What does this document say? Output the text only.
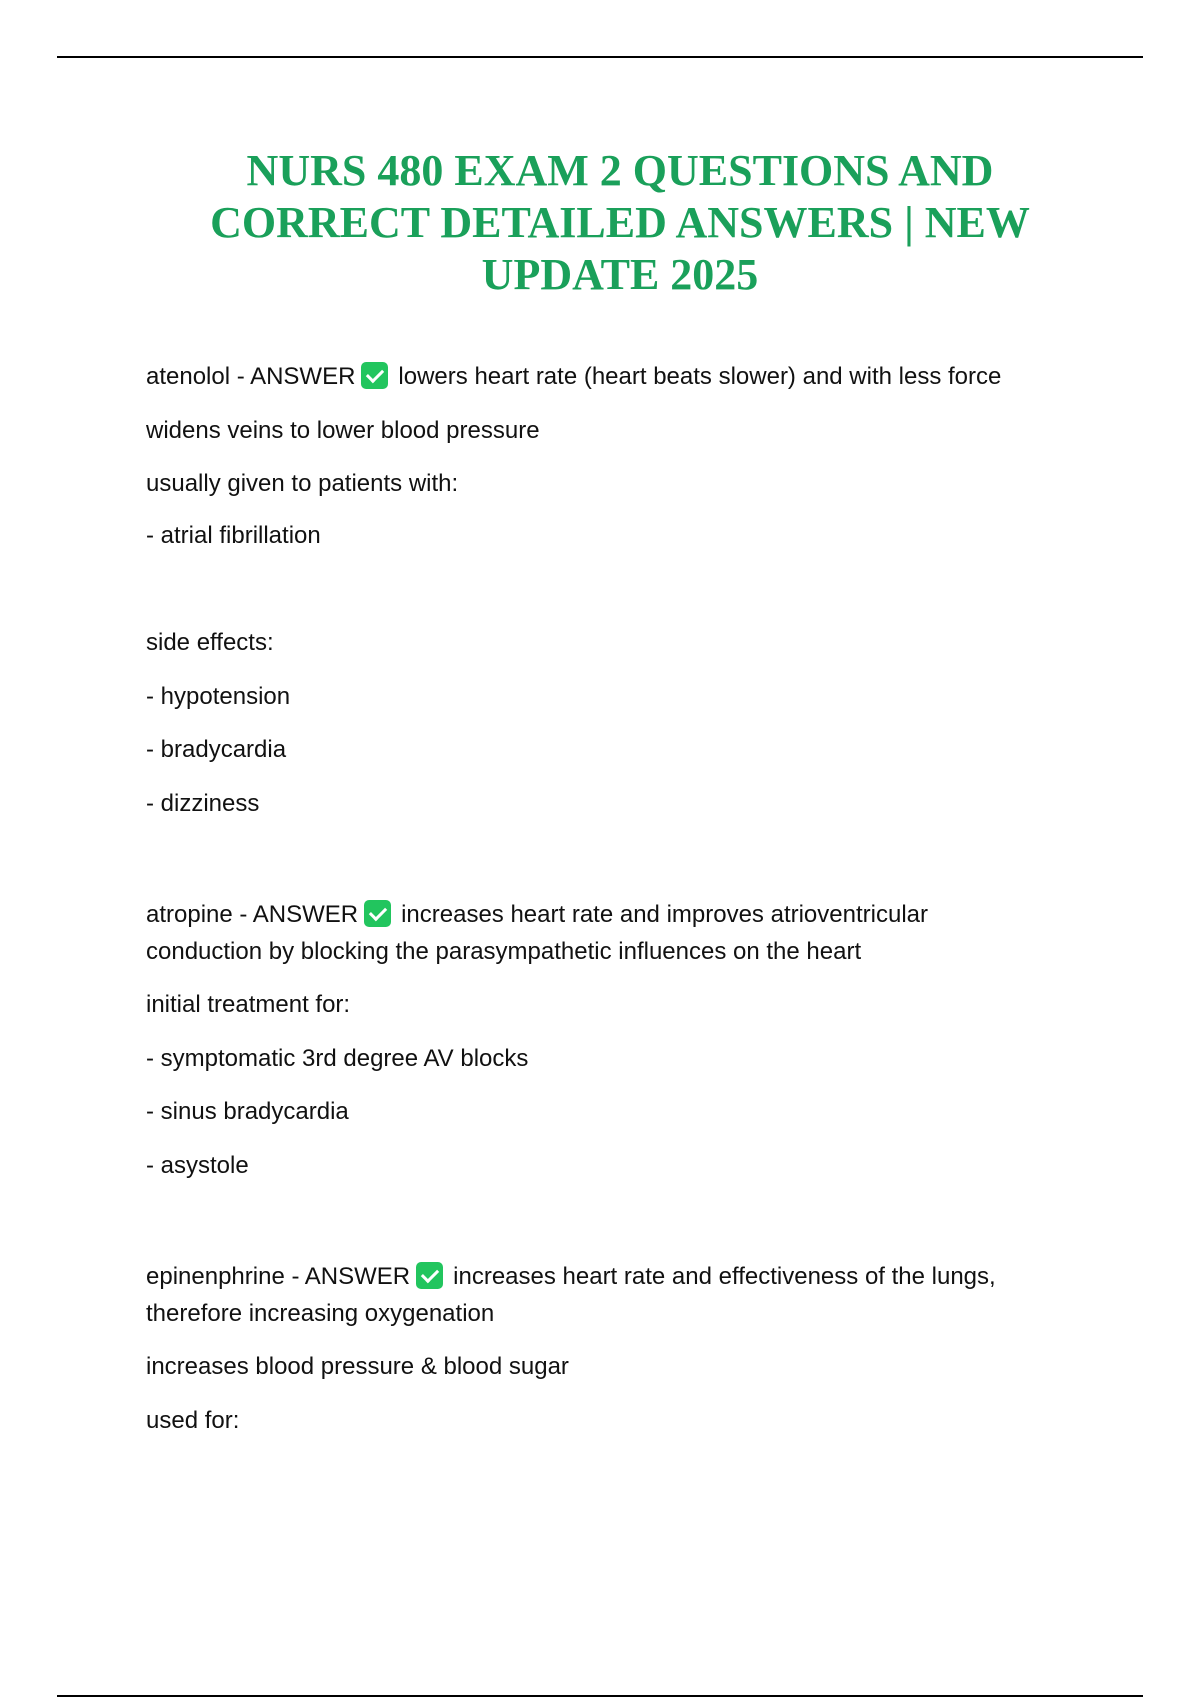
NURS 480 EXAM 2 QUESTIONS AND
CORRECT DETAILED ANSWERS | NEW
UPDATE 2025
atenolol - ANSWER lowers heart rate (heart beats slower) and with less force
widens veins to lower blood pressure
usually given to patients with:
- atrial fibrillation
side effects:
- hypotension
- bradycardia
- dizziness
atropine - ANSWER increases heart rate and improves atrioventricular
conduction by blocking the parasympathetic influences on the heart
initial treatment for:
- symptomatic 3rd degree AV blocks
- sinus bradycardia
- asystole
epinenphrine - ANSWER increases heart rate and effectiveness of the lungs,
therefore increasing oxygenation
increases blood pressure & blood sugar
used for:
